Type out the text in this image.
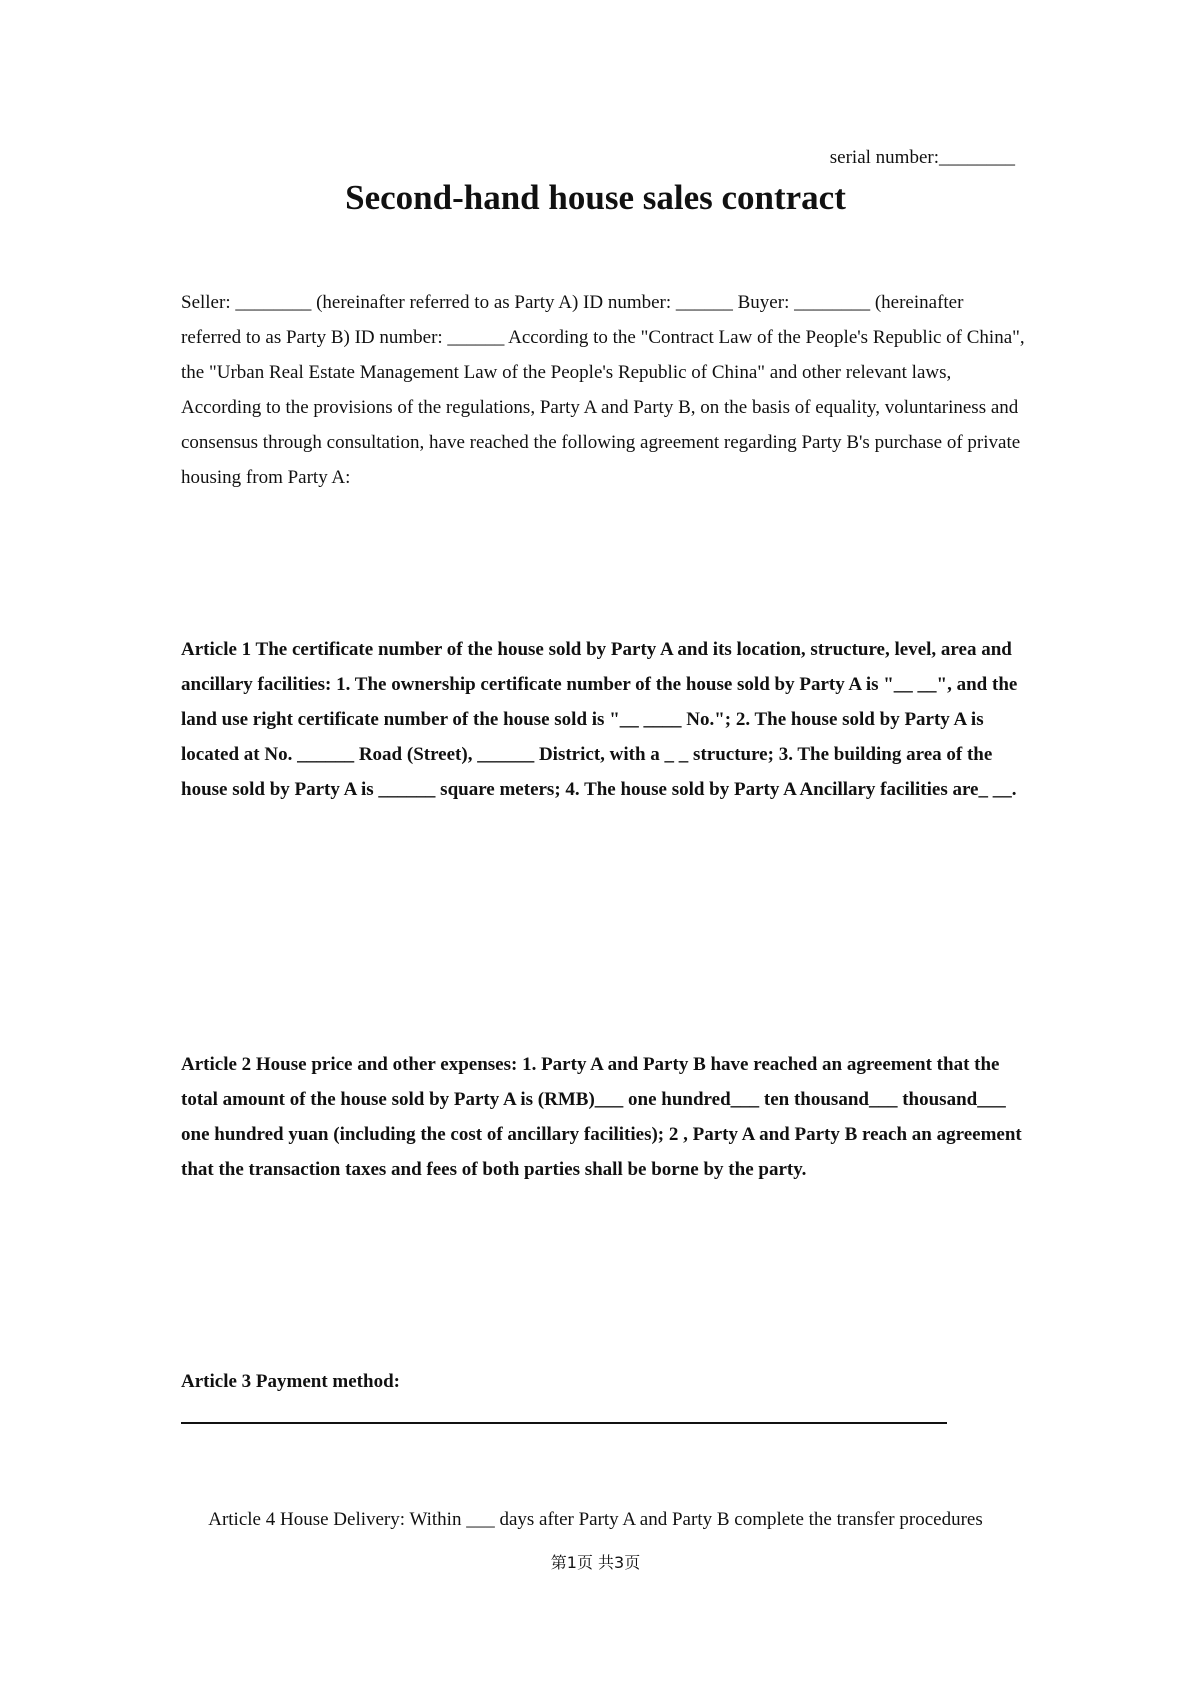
serial number:________
Second-hand house sales contract

Seller: ________ (hereinafter referred to as Party A) ID number: ______ Buyer: ________ (hereinafter referred to as Party B) ID number: ______ According to the "Contract Law of the People's Republic of China", the "Urban Real Estate Management Law of the People's Republic of China" and other relevant laws, According to the provisions of the regulations, Party A and Party B, on the basis of equality, voluntariness and consensus through consultation, have reached the following agreement regarding Party B's purchase of private housing from Party A:

Article 1 The certificate number of the house sold by Party A and its location, structure, level, area and ancillary facilities: 1. The ownership certificate number of the house sold by Party A is "__ __", and the land use right certificate number of the house sold is "__ ____ No."; 2. The house sold by Party A is located at No. ______ Road (Street), ______ District, with a _ _ structure; 3. The building area of the house sold by Party A is ______ square meters; 4. The house sold by Party A Ancillary facilities are_ __.

Article 2 House price and other expenses: 1. Party A and Party B have reached an agreement that the total amount of the house sold by Party A is (RMB)___ one hundred___ ten thousand___ thousand___ one hundred yuan (including the cost of ancillary facilities); 2 , Party A and Party B reach an agreement that the transaction taxes and fees of both parties shall be borne by the party.

Article 3 Payment method:

Article 4 House Delivery: Within ___ days after Party A and Party B complete the transfer procedures

第1页 共3页
